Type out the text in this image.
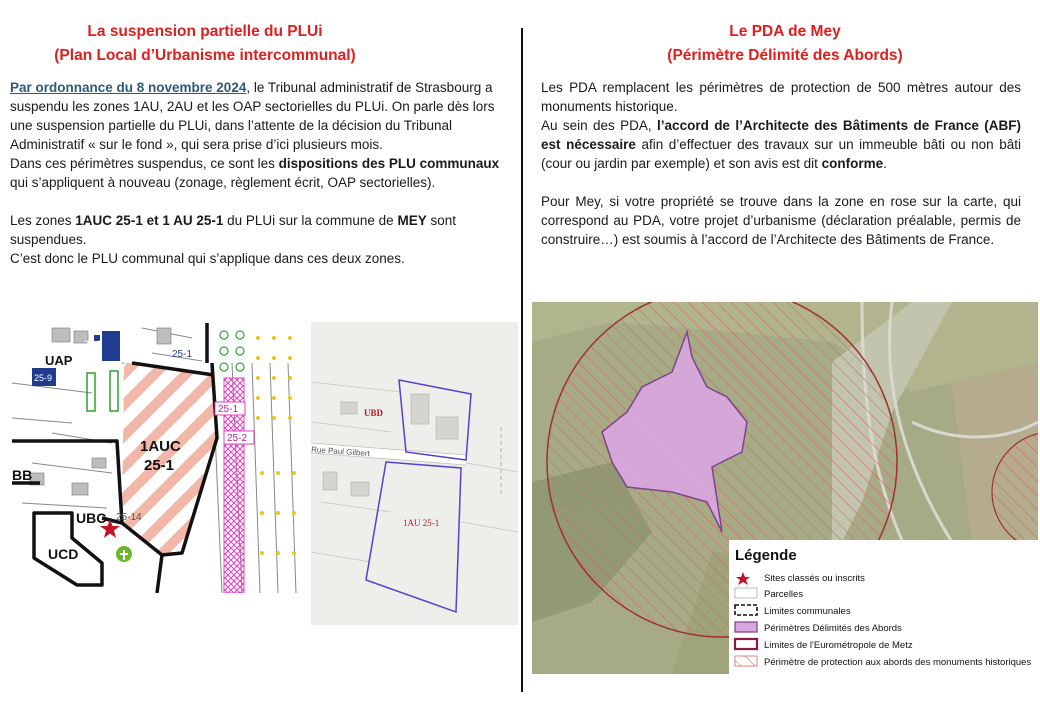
La suspension partielle du PLUi
(Plan Local d’Urbanisme intercommunal)
Le PDA de Mey
(Périmètre Délimité des Abords)

Par ordonnance du 8 novembre 2024, le Tribunal administratif de Strasbourg a suspendu les zones 1AU, 2AU et les OAP sectorielles du PLUi. On parle dès lors une suspension partielle du PLUi, dans l’attente de la décision du Tribunal Administratif « sur le fond », qui sera prise d’ici plusieurs mois.

Dans ces périmètres suspendus, ce sont les dispositions des PLU communaux qui s’appliquent à nouveau (zonage, règlement écrit, OAP sectorielles).

Les zones 1AUC 25-1 et 1 AU 25-1 du PLUi sur la commune de MEY sont suspendues.

C’est donc le PLU communal qui s’applique dans ces deux zones.

Les PDA remplacent les périmètres de protection de 500 mètres autour des monuments historique.

Au sein des PDA, l’accord de l’Architecte des Bâtiments de France (ABF) est nécessaire afin d’effectuer des travaux sur un immeuble bâti ou non bâti (cour ou jardin par exemple) et son avis est dit conforme.

Pour Mey, si votre propriété se trouve dans la zone en rose sur la carte, qui correspond au PDA, votre projet d’urbanisme (déclaration préalable, permis de construire…) est soumis à l’accord de l’Architecte des Bâtiments de France.

UAP
1AUC
25-1
BB
UBC 25-14
UCD
25-1
25-2
25-9
25-9
25-1
UBD
Rue Paul Gilbert
1AU 25-1
Légende
Sites classés ou inscrits
Parcelles
Limites communales
Périmètres Délimités des Abords
Limites de l'Eurométropole de Metz
Périmètre de protection aux abords des monuments historiques
